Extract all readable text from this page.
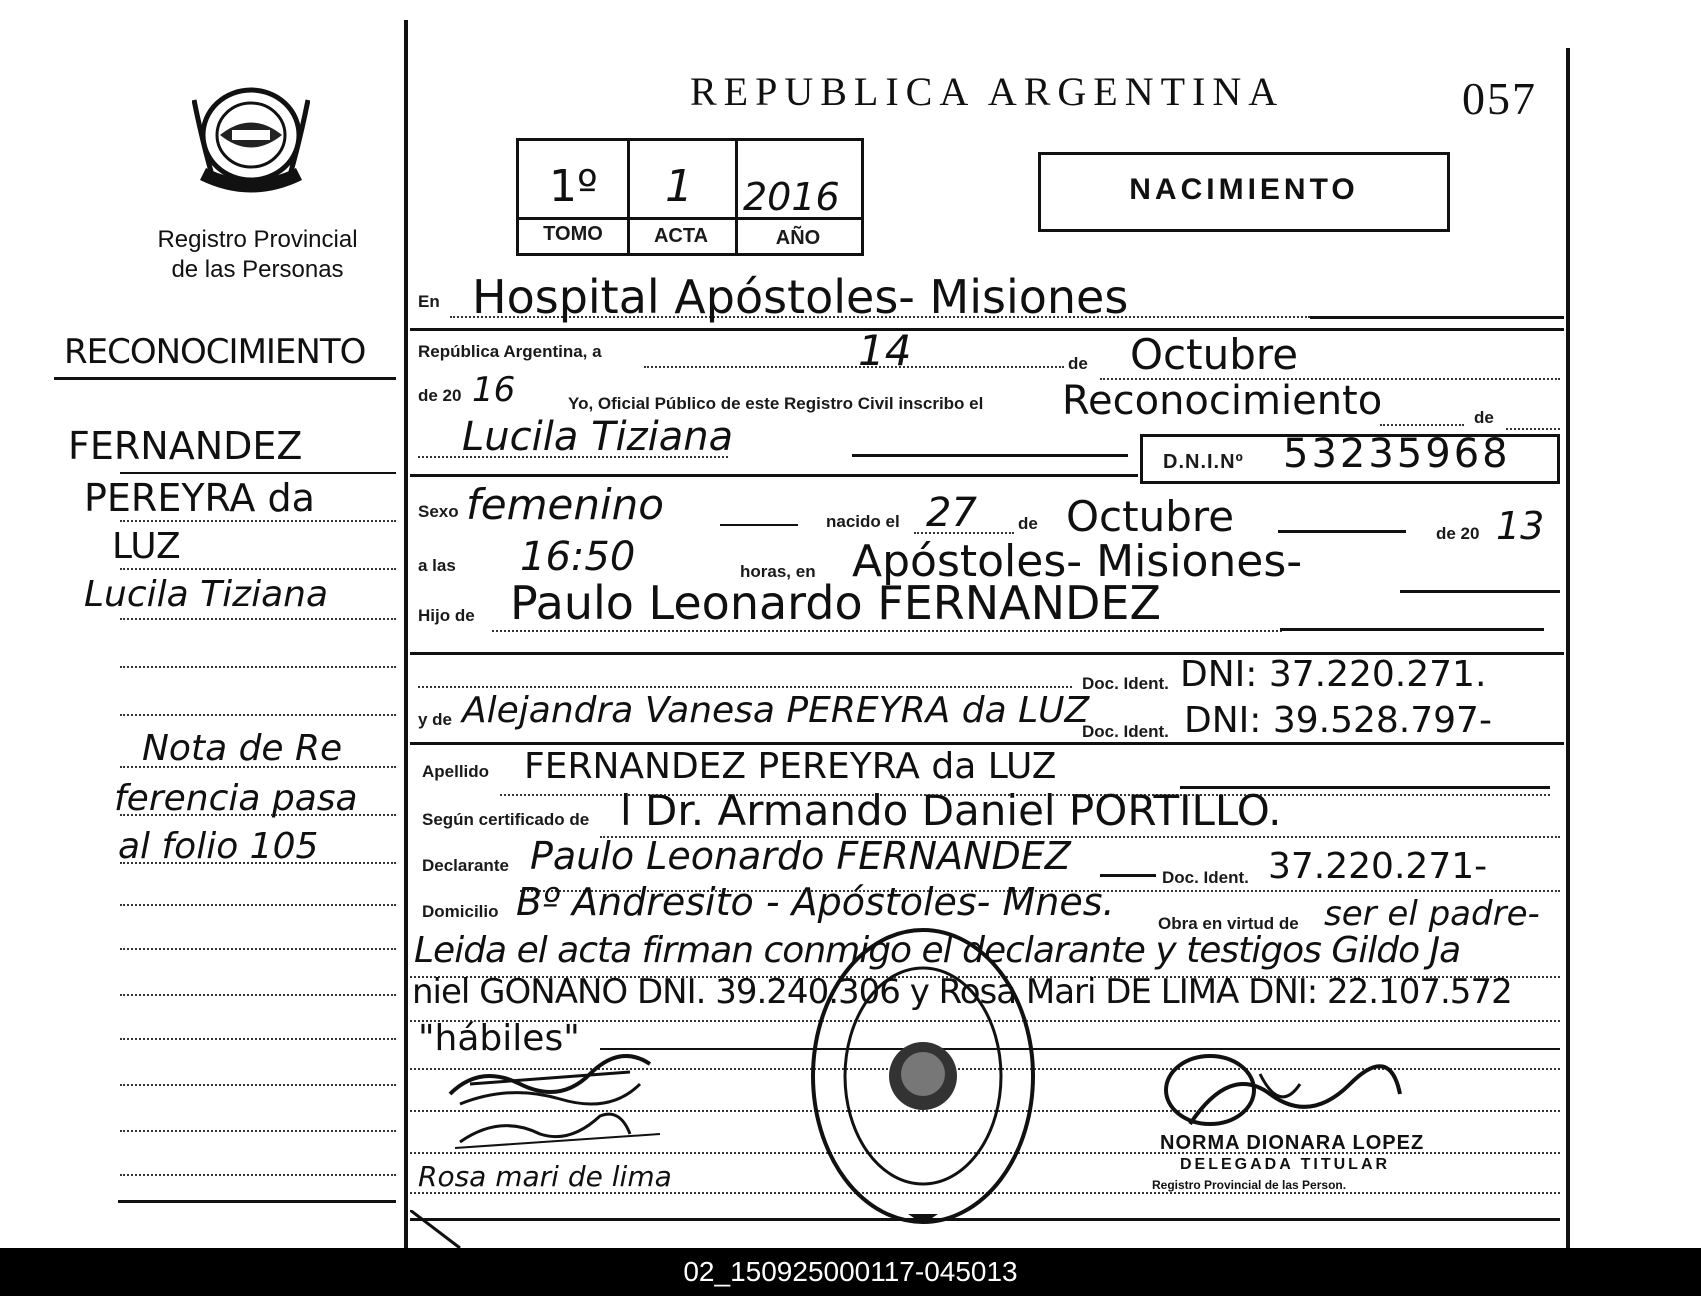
Registro Provincial
de las Personas
RECONOCIMIENTO
FERNANDEZ
PEREYRA da
LUZ
Lucila Tiziana
Nota de Re
ferencia pasa
al folio 105
REPUBLICA ARGENTINA	057
1º 1 2016
TOMO	ACTA	AÑO
NACIMIENTO
En Hospital Apóstoles- Misiones
República Argentina, a	14	de Octubre
de 20 16	Yo, Oficial Público de este Registro Civil inscribo el Reconocimiento	de
Lucila Tiziana
D.N.I.Nº 53235968
Sexo femenino	nacido el 27 de Octubre	de 20 13
a las 16:50	horas, en Apóstoles- Misiones-
Hijo de Paulo Leonardo FERNANDEZ
Doc. Ident. DNI: 37.220.271.
y de Alejandra Vanesa PEREYRA da LUZ
Doc. Ident. DNI: 39.528.797-
Apellido FERNANDEZ PEREYRA da LUZ
Según certificado de l Dr. Armando Daniel PORTILLO.
Declarante Paulo Leonardo FERNANDEZ	Doc. Ident. 37.220.271-
Domicilio Bº Andresito - Apóstoles- Mnes.	Obra en virtud de ser el padre-
Leida el acta firman conmigo el declarante y testigos Gildo Ja
niel GONANO DNI. 39.240.306 y Rosa Mari DE LIMA DNI: 22.107.572
"hábiles"
Rosa mari de lima
NORMA DIONARA LOPEZ
DELEGADA TITULAR
Registro Provincial de las Person.
02_150925000117-045013
